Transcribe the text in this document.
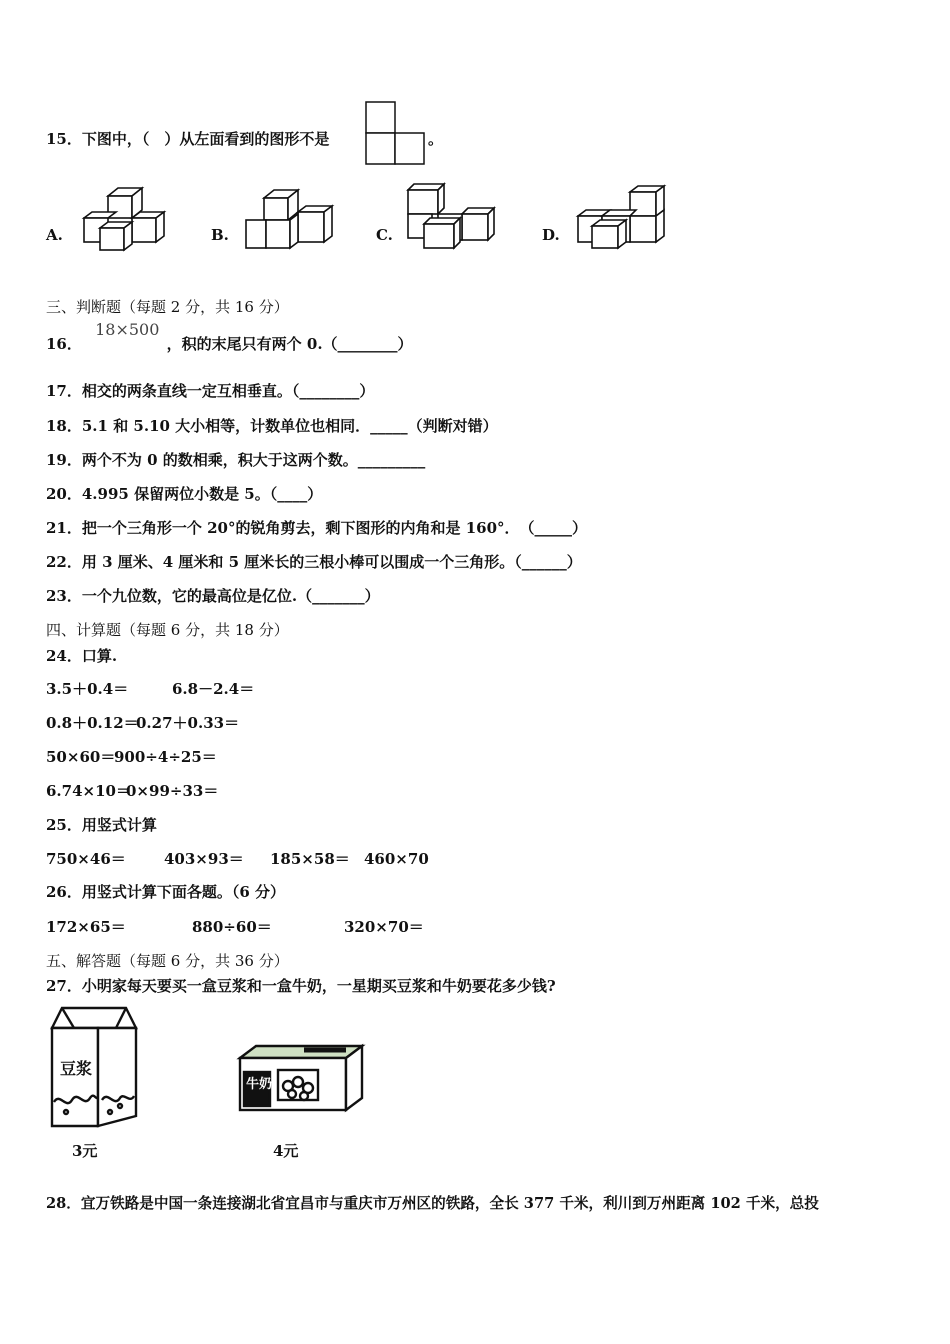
15．下图中，（　）从左面看到的图形不是	。
A.	B.	C.	D.
三、判断题（每题 2 分，共 16 分）
16． 18×500 ，积的末尾只有两个 0.（________）
17．相交的两条直线一定互相垂直。（________）
18．5.1 和 5.10 大小相等，计数单位也相同．_____（判断对错）
19．两个不为 0 的数相乘，积大于这两个数。_________
20．4.995 保留两位小数是 5。（____）
21．把一个三角形一个 20°的锐角剪去，剩下图形的内角和是 160°．　（_____）
22．用 3 厘米、4 厘米和 5 厘米长的三根小棒可以围成一个三角形。（______）
23．一个九位数，它的最高位是亿位.（_______）
四、计算题（每题 6 分，共 18 分）
24．口算.
3.5＋0.4＝	6.8－2.4＝
0.8＋0.12＝0.27＋0.33＝
50×60＝900÷4÷25＝
6.74×10＝0×99÷33＝
25．用竖式计算
750×46＝	403×93＝ 185×58＝ 460×70
26．用竖式计算下面各题。（6 分）
172×65＝	880÷60＝	320×70＝
五、解答题（每题 6 分，共 36 分）
27．小明家每天要买一盒豆浆和一盒牛奶，一星期买豆浆和牛奶要花多少钱?
豆浆
3元
牛奶
4元
28．宜万铁路是中国一条连接湖北省宜昌市与重庆市万州区的铁路，全长 377 千米，利川到万州距离 102 千米，总投
